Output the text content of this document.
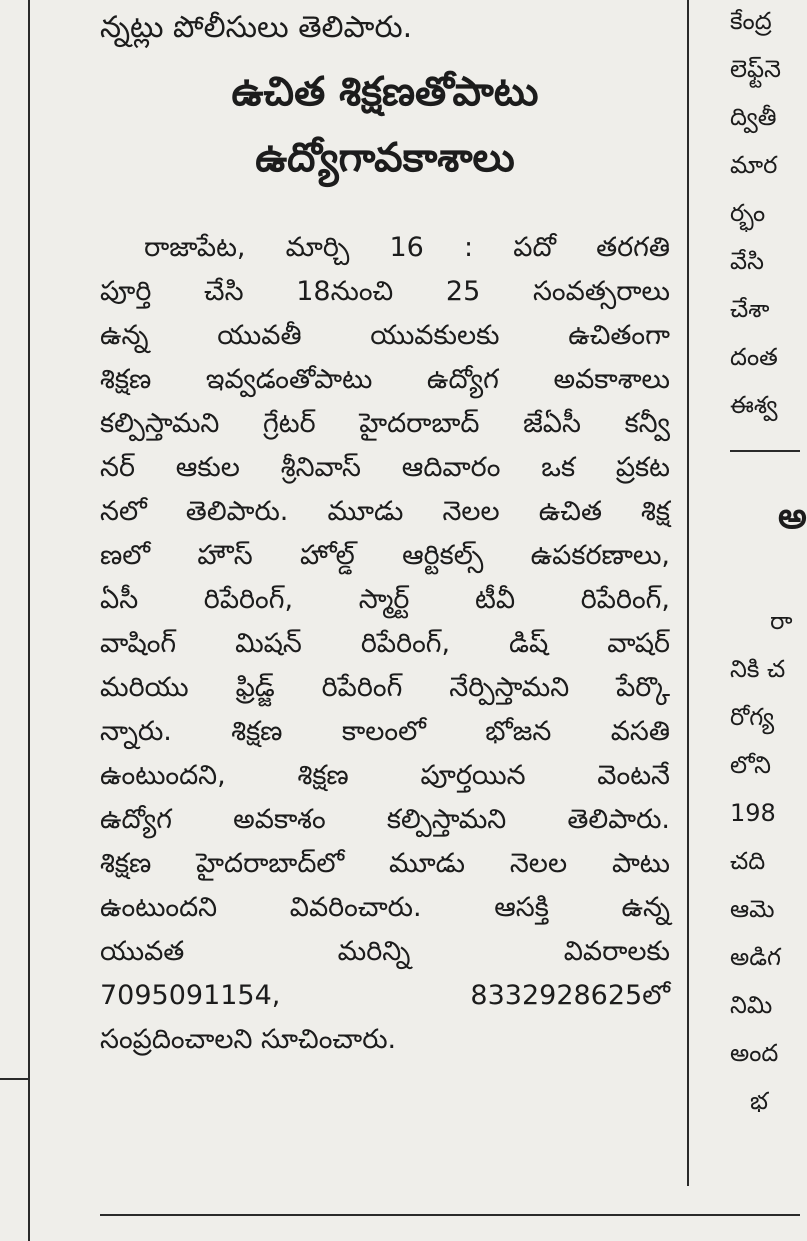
న్నట్లు పోలీసులు తెలిపారు.
ఉచిత శిక్షణతోపాటు
ఉద్యోగావకాశాలు
రాజాపేట, మార్చి 16 : పదో తరగతి
పూర్తి చేసి 18నుంచి 25 సంవత్సరాలు
ఉన్న యువతీ యువకులకు ఉచితంగా
శిక్షణ ఇవ్వడంతోపాటు ఉద్యోగ అవకాశాలు
కల్పిస్తామని గ్రేటర్ హైదరాబాద్ జేఏసీ కన్వీ
నర్ ఆకుల శ్రీనివాస్ ఆదివారం ఒక ప్రకట
నలో తెలిపారు. మూడు నెలల ఉచిత శిక్ష
ణలో హౌస్ హోల్డ్ ఆర్టికల్స్ ఉపకరణాలు,
ఏసీ రిపేరింగ్, స్మార్ట్ టీవీ రిపేరింగ్,
వాషింగ్ మిషన్ రిపేరింగ్, డిష్ వాషర్
మరియు ఫ్రిడ్జ్ రిపేరింగ్ నేర్పిస్తామని పేర్కొ
న్నారు. శిక్షణ కాలంలో భోజన వసతి
ఉంటుందని, శిక్షణ పూర్తయిన వెంటనే
ఉద్యోగ అవకాశం కల్పిస్తామని తెలిపారు.
శిక్షణ హైదరాబాద్‌లో మూడు నెలల పాటు
ఉంటుందని వివరించారు. ఆసక్తి ఉన్న
యువత మరిన్ని వివరాలకు
7095091154, 8332928625లో
సంప్రదించాలని సూచించారు.
కేంద్ర
లెఫ్ట్‌నె
ద్వితీ
మార
ర్భం
వేసి
చేశా
దంత
ఈశ్వ
అ
రా
నికి చ
రోగ్య
లోని
198
చది
ఆమె
అడిగ
నిమి
అంద
భ
